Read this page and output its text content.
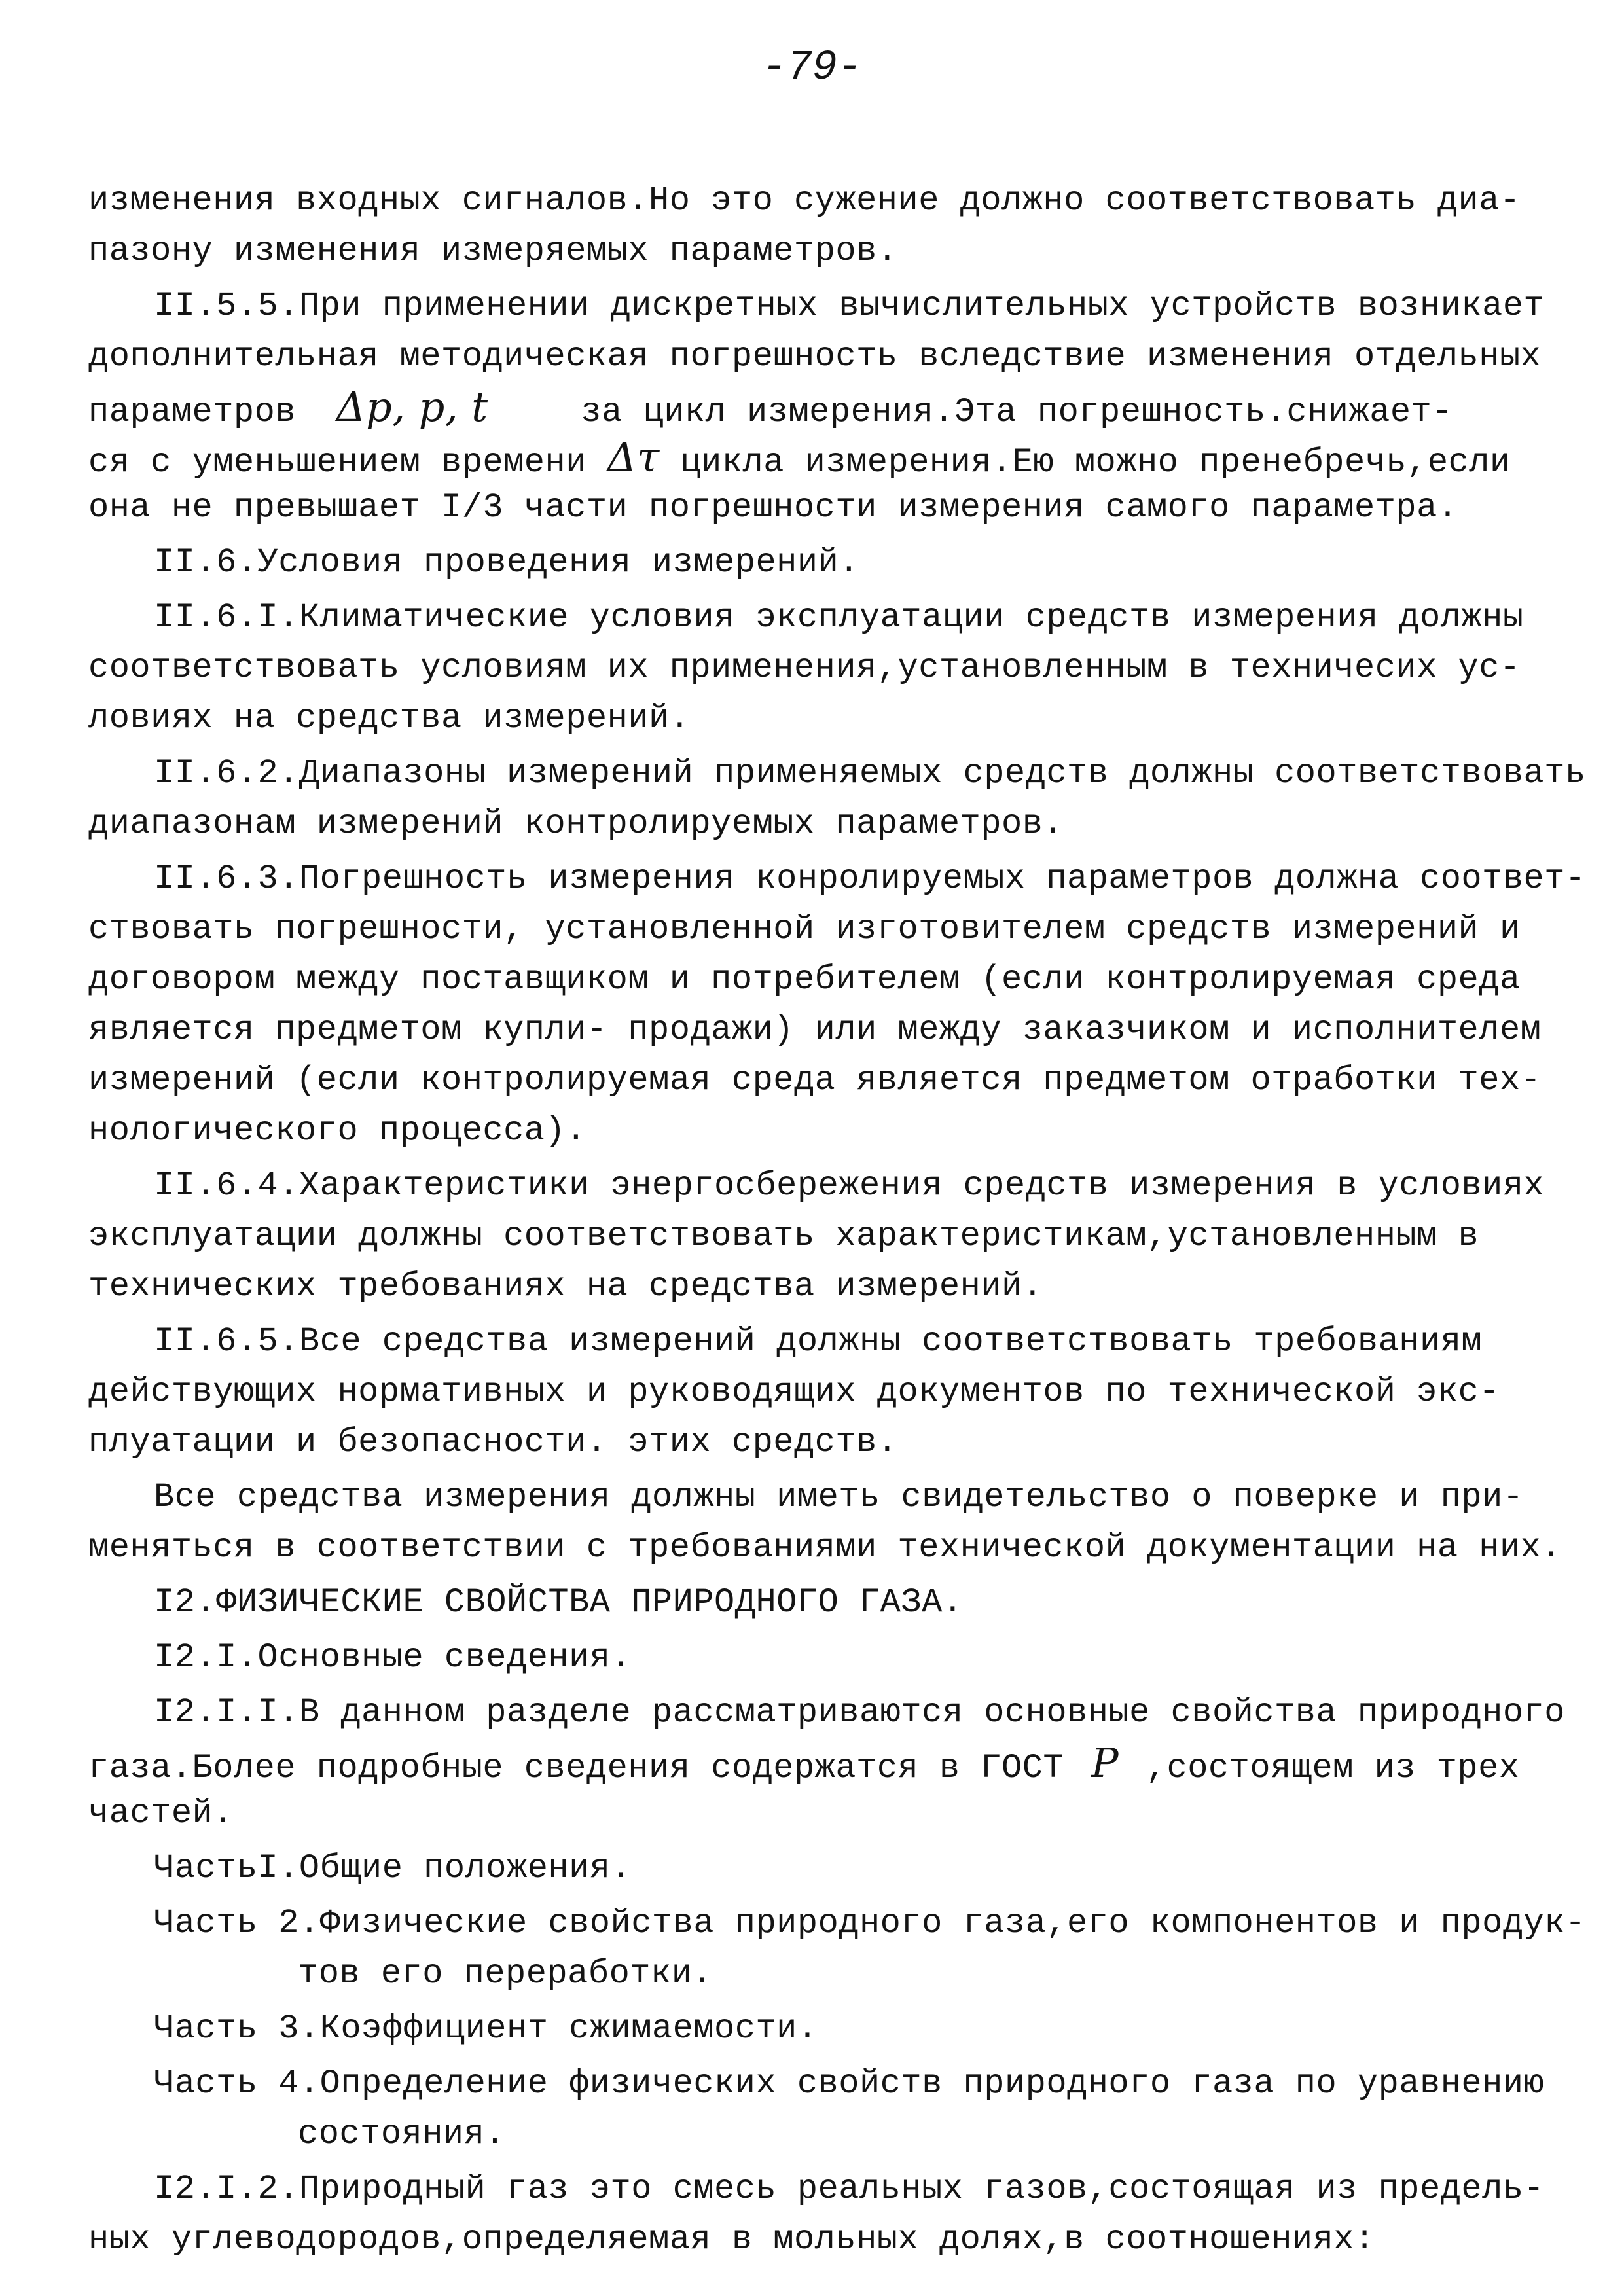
-79-
изменения входных сигналов.Но это сужение должно соответствовать диа-
пазону изменения измеряемых параметров.
II.5.5.При применении дискретных вычислительных устройств возникает
дополнительная методическая погрешность вследствие изменения отдельных
параметров Δp, p, t	за цикл измерения.Эта погрешность.снижает-
ся с уменьшением времени Δτ цикла измерения.Ею можно пренебречь,если
она не превышает I/3 части погрешности измерения самого параметра.
II.6.Условия проведения измерений.
II.6.I.Климатические условия эксплуатации средств измерения должны
соответствовать условиям их применения,установленным в техничесих ус-
ловиях на средства измерений.
II.6.2.Диапазоны измерений применяемых средств должны соответствовать
диапазонам измерений контролируемых параметров.
II.6.3.Погрешность измерения конролируемых параметров должна соответ-
ствовать погрешности, установленной изготовителем средств измерений и
договором между поставщиком и потребителем (если контролируемая среда
является предметом купли- продажи) или между заказчиком и исполнителем
измерений (если контролируемая среда является предметом отработки тех-
нологического процесса).
II.6.4.Характеристики энергосбережения средств измерения в условиях
эксплуатации должны соответствовать характеристикам,установленным в
технических требованиях на средства измерений.
II.6.5.Все средства измерений должны соответствовать требованиям
действующих нормативных и руководящих документов по технической экс-
плуатации и безопасности. этих средств.
Все средства измерения должны иметь свидетельство о поверке и при-
меняться в соответствии с требованиями технической документации на них.
I2.ФИЗИЧЕСКИЕ СВОЙСТВА ПРИРОДНОГО ГАЗА.
I2.I.Основные сведения.
I2.I.I.В данном разделе рассматриваются основные свойства природного
газа.Более подробные сведения содержатся в ГОСТ Р ,состоящем из трех
частей.
ЧастьI.Общие положения.
Часть 2.Физические свойства природного газа,его компонентов и продук-
тов его переработки.
Часть 3.Коэффициент сжимаемости.
Часть 4.Определение физических свойств природного газа по уравнению
состояния.
I2.I.2.Природный газ это смесь реальных газов,состоящая из предель-
ных углеводородов,определяемая в мольных долях,в соотношениях:
